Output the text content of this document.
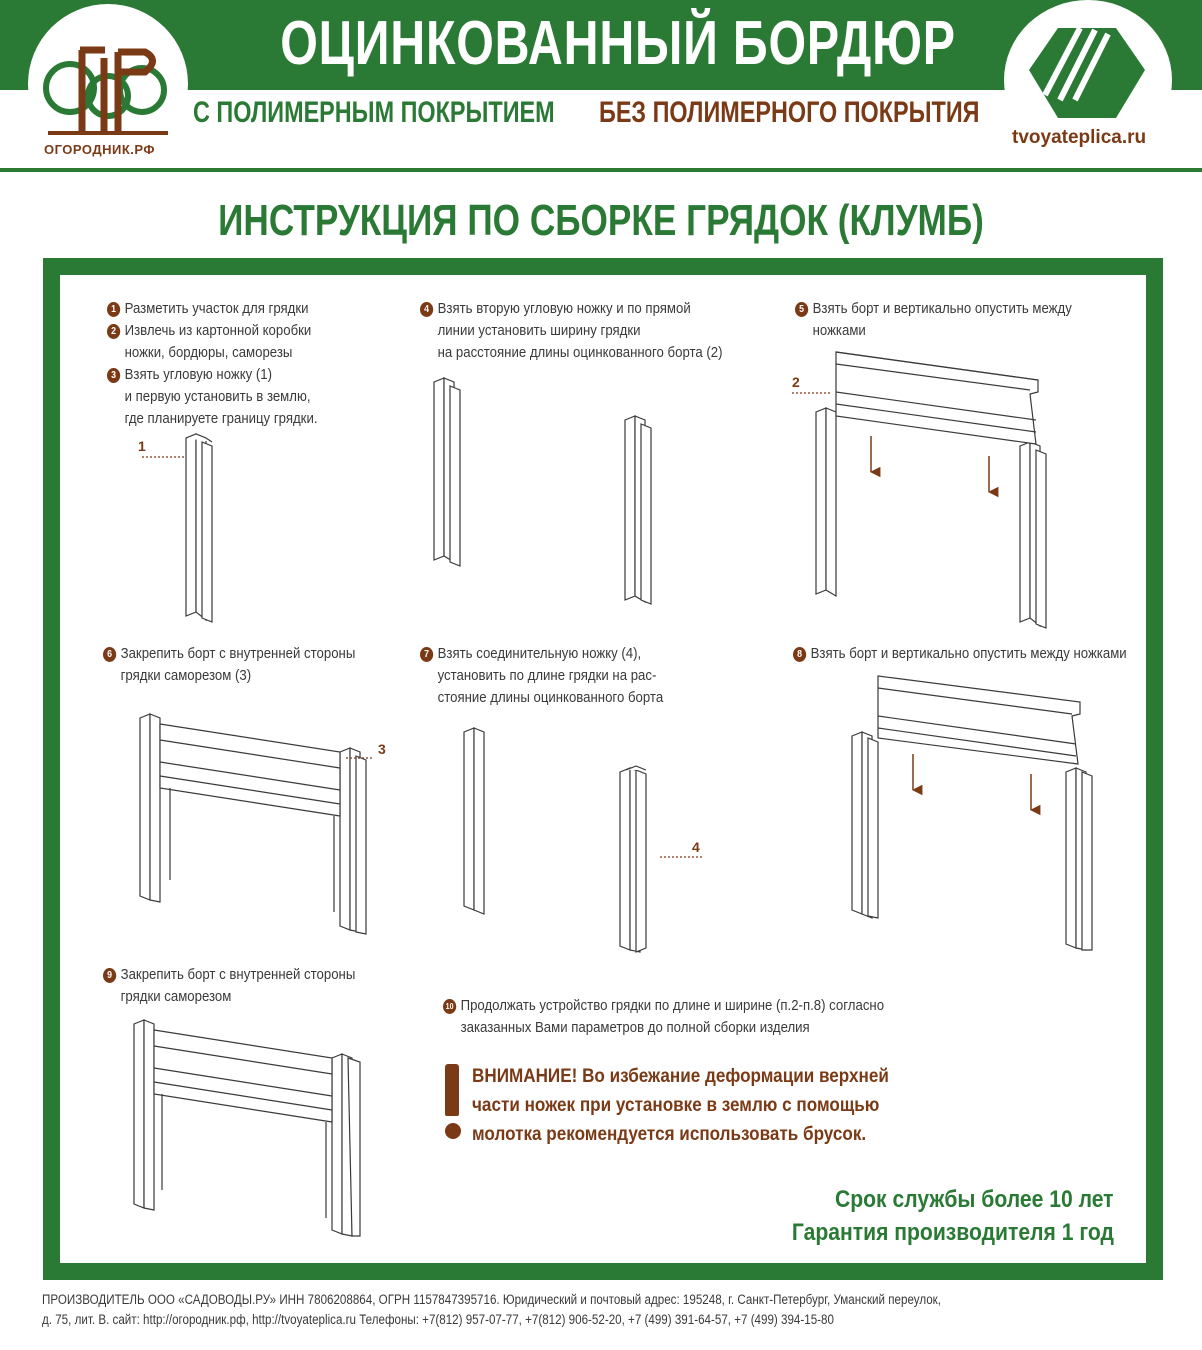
ОЦИНКОВАННЫЙ БОРДЮР
С ПОЛИМЕРНЫМ ПОКРЫТИЕМ БЕЗ ПОЛИМЕРНОГО ПОКРЫТИЯ
ОГОРОДНИК.РФ
tvoyateplica.ru
ИНСТРУКЦИЯ ПО СБОРКЕ ГРЯДОК (КЛУМБ)
1 Разметить участок для грядки
2 Извлечь из картонной коробки
ножки, бордюры, саморезы
3 Взять угловую ножку (1)
и первую установить в землю,
где планируете границу грядки.
4 Взять вторую угловую ножку и по прямой
линии установить ширину грядки
на расстояние длины оцинкованного борта (2)
5 Взять борт и вертикально опустить между
ножками
6 Закрепить борт с внутренней стороны
грядки саморезом (3)
7 Взять соединительную ножку (4),
установить по длине грядки на рас-
стояние длины оцинкованного борта
8 Взять борт и вертикально опустить между ножками
9 Закрепить борт с внутренней стороны
грядки саморезом
10 Продолжать устройство грядки по длине и ширине (п.2-п.8) согласно
заказанных Вами параметров до полной сборки изделия
1
2
3
4
ВНИМАНИЕ! Во избежание деформации верхней
части ножек при установке в землю с помощью
молотка рекомендуется использовать брусок.
Срок службы более 10 лет
Гарантия производителя 1 год
ПРОИЗВОДИТЕЛЬ ООО «САДОВОДЫ.РУ» ИНН 7806208864, ОГРН 1157847395716. Юридический и почтовый адрес: 195248, г. Санкт-Петербург, Уманский переулок,
д. 75, лит. В. сайт: http://огородник.рф, http://tvoyateplica.ru Телефоны: +7(812) 957-07-77, +7(812) 906-52-20, +7 (499) 391-64-57, +7 (499) 394-15-80
